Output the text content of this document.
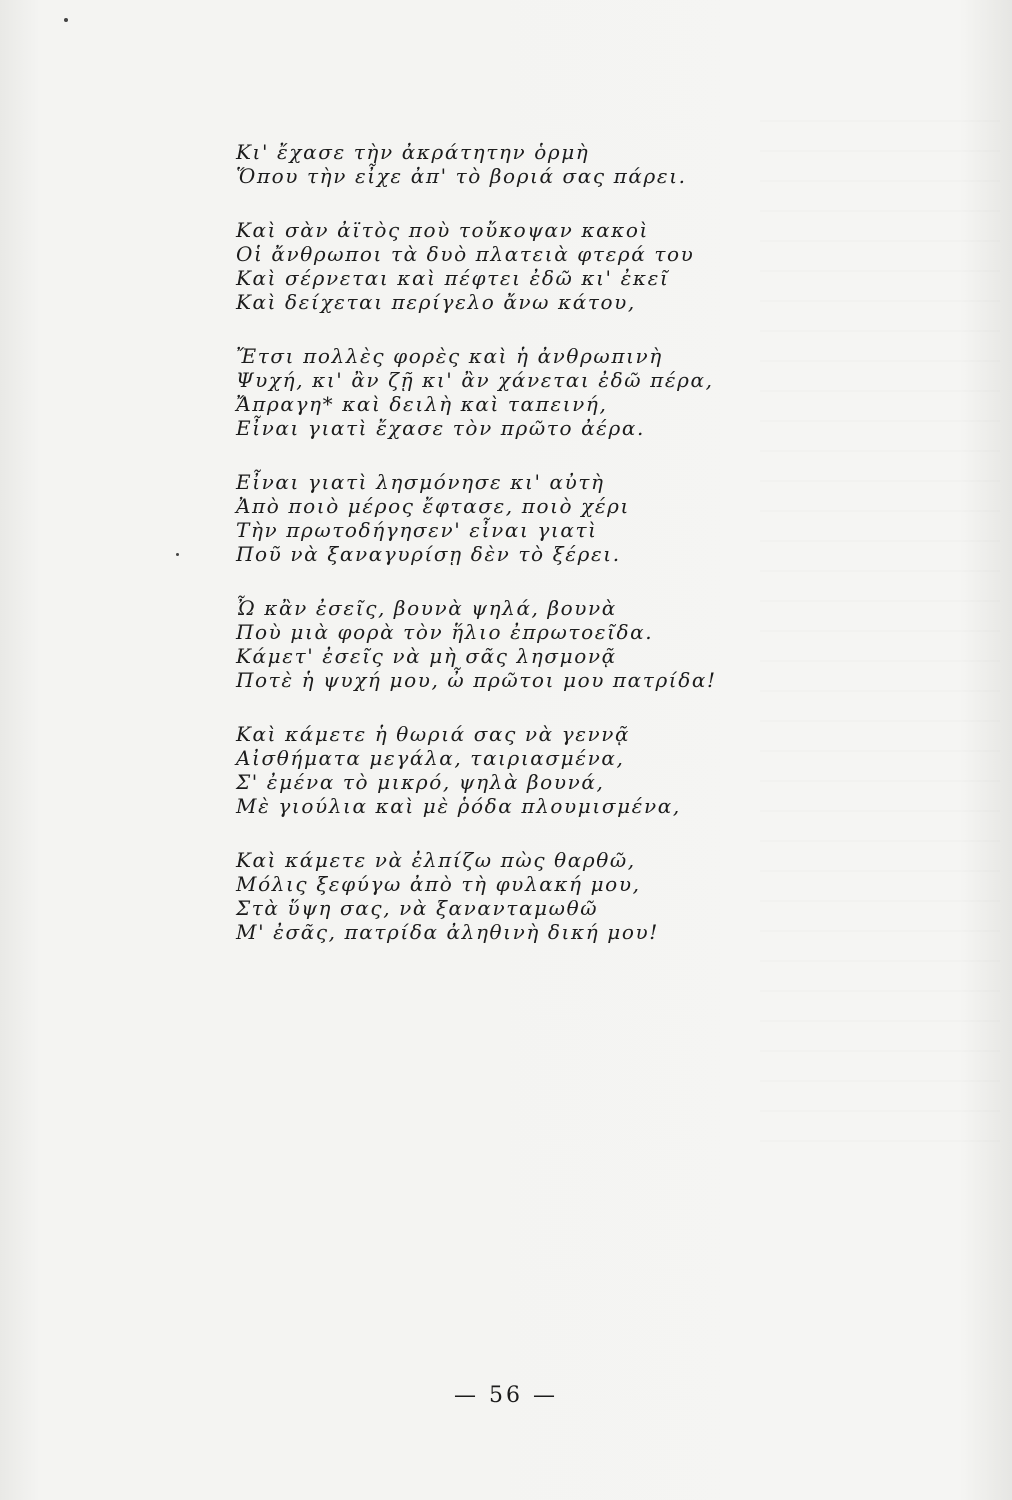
Κι' ἔχασε τὴν ἀκράτητην ὁρμὴ

Ὅπου τὴν εἶχε ἀπ' τὸ βοριά σας πάρει.

Καὶ σὰν ἀϊτὸς ποὺ τοὔκοψαν κακοὶ

Οἱ ἄνθρωποι τὰ δυὸ πλατειὰ φτερά του

Καὶ σέρνεται καὶ πέφτει ἐδῶ κι' ἐκεῖ

Καὶ δείχεται περίγελο ἄνω κάτου,

Ἔτσι πολλὲς φορὲς καὶ ἡ ἀνθρωπινὴ

Ψυχή, κι' ἂν ζῇ κι' ἂν χάνεται ἐδῶ πέρα,

Ἄπραγη* καὶ δειλὴ καὶ ταπεινή,

Εἶναι γιατὶ ἔχασε τὸν πρῶτο ἀέρα.

Εἶναι γιατὶ λησμόνησε κι' αὐτὴ

Ἀπὸ ποιὸ μέρος ἔφτασε, ποιὸ χέρι

Τὴν πρωτοδήγησεν' εἶναι γιατὶ

Ποῦ νὰ ξαναγυρίσῃ δὲν τὸ ξέρει.

Ὦ κἂν ἐσεῖς, βουνὰ ψηλά, βουνὰ

Ποὺ μιὰ φορὰ τὸν ἥλιο ἐπρωτοεῖδα.

Κάμετ' ἐσεῖς νὰ μὴ σᾶς λησμονᾷ

Ποτὲ ἡ ψυχή μου, ὦ πρῶτοι μου πατρίδα!

Καὶ κάμετε ἡ θωριά σας νὰ γεννᾷ

Αἰσθήματα μεγάλα, ταιριασμένα,

Σ' ἐμένα τὸ μικρό, ψηλὰ βουνά,

Μὲ γιούλια καὶ μὲ ῥόδα πλουμισμένα,

Καὶ κάμετε νὰ ἐλπίζω πὼς θαρθῶ,

Μόλις ξεφύγω ἀπὸ τὴ φυλακή μου,

Στὰ ὕψη σας, νὰ ξανανταμωθῶ

Μ' ἐσᾶς, πατρίδα ἀληθινὴ δική μου!

— 56 —
